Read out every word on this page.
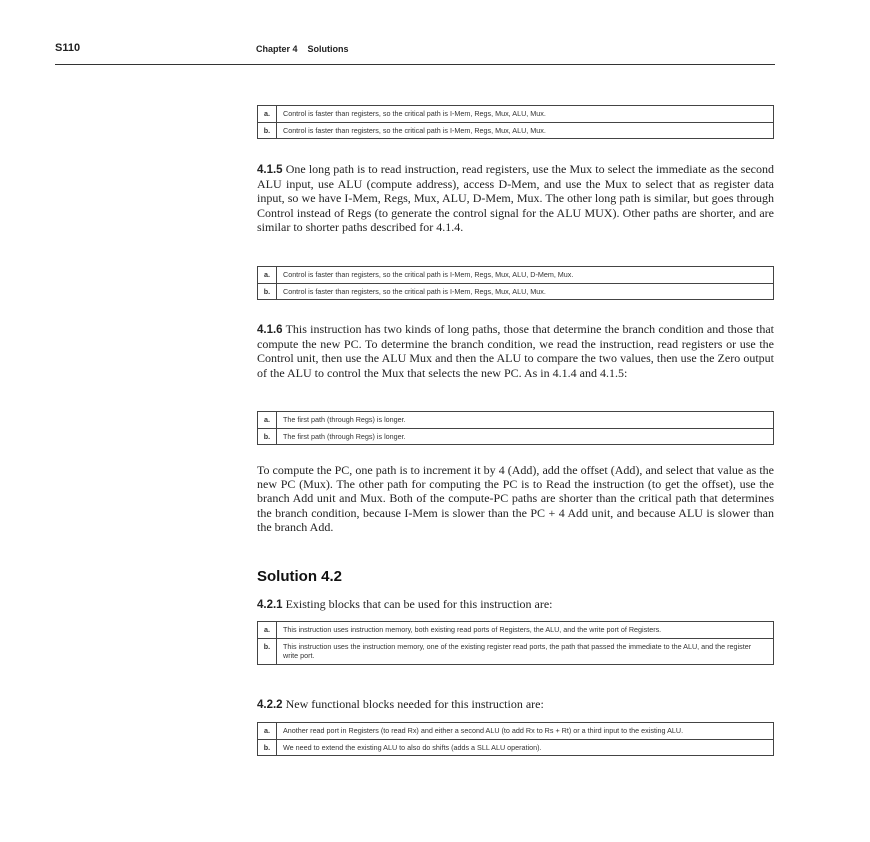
S110	Chapter 4    Solutions
a.	Control is faster than registers, so the critical path is I-Mem, Regs, Mux, ALU, Mux.
b.	Control is faster than registers, so the critical path is I-Mem, Regs, Mux, ALU, Mux.

4.1.5 One long path is to read instruction, read registers, use the Mux to select the immediate as the second ALU input, use ALU (compute address), access D-Mem, and use the Mux to select that as register data input, so we have I-Mem, Regs, Mux, ALU, D-Mem, Mux. The other long path is similar, but goes through Control instead of Regs (to generate the control signal for the ALU MUX). Other paths are shorter, and are similar to shorter paths described for 4.1.4.

a.	Control is faster than registers, so the critical path is I-Mem, Regs, Mux, ALU, D-Mem, Mux.
b.	Control is faster than registers, so the critical path is I-Mem, Regs, Mux, ALU, Mux.

4.1.6 This instruction has two kinds of long paths, those that determine the branch condition and those that compute the new PC. To determine the branch condition, we read the instruction, read registers or use the Control unit, then use the ALU Mux and then the ALU to compare the two values, then use the Zero output of the ALU to control the Mux that selects the new PC. As in 4.1.4 and 4.1.5:

a.	The first path (through Regs) is longer.
b.	The first path (through Regs) is longer.

To compute the PC, one path is to increment it by 4 (Add), add the offset (Add), and select that value as the new PC (Mux). The other path for computing the PC is to Read the instruction (to get the offset), use the branch Add unit and Mux. Both of the compute-PC paths are shorter than the critical path that determines the branch condition, because I-Mem is slower than the PC + 4 Add unit, and because ALU is slower than the branch Add.

Solution 4.2

4.2.1 Existing blocks that can be used for this instruction are:

a.	This instruction uses instruction memory, both existing read ports of Registers, the ALU, and the write port of Registers.
b.	This instruction uses the instruction memory, one of the existing register read ports, the path that passed the immediate to the ALU, and the register write port.

4.2.2 New functional blocks needed for this instruction are:

a.	Another read port in Registers (to read Rx) and either a second ALU (to add Rx to Rs + Rt) or a third input to the existing ALU.
b.	We need to extend the existing ALU to also do shifts (adds a SLL ALU operation).
